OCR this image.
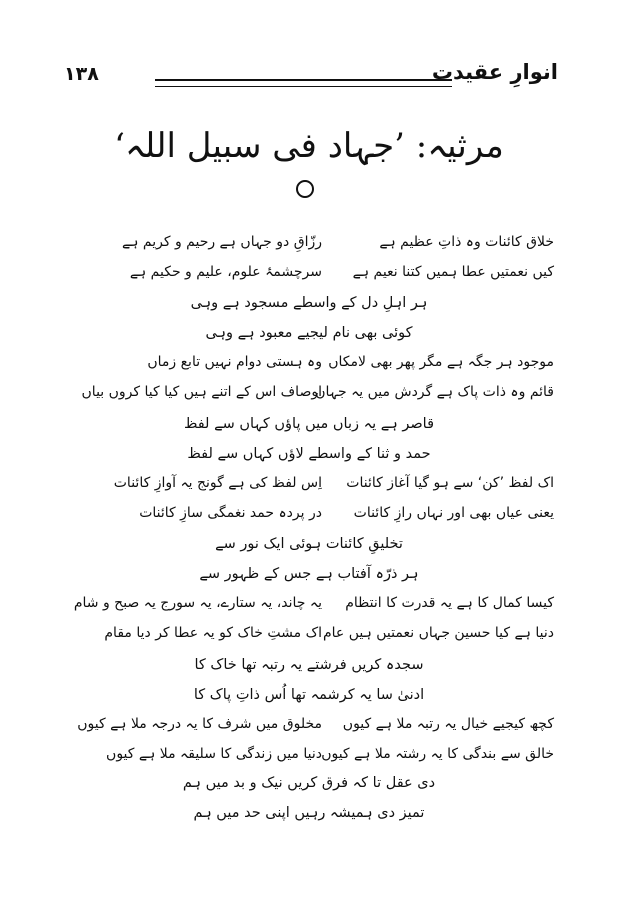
۱۳۸	انوارِ عقیدت
مرثیہ: ’جہاد فی سبیل اللہ‘
خلاق کائنات وہ ذاتِ عظیم ہے
رزّاقِ دو جہاں ہے رحیم و کریم ہے
کیں نعمتیں عطا ہمیں کتنا نعیم ہے
سرچشمۂ علوم، علیم و حکیم ہے
ہر اہلِ دل کے واسطے مسجود ہے وہی
کوئی بھی نام لیجیے معبود ہے وہی
موجود ہر جگہ ہے مگر پھر بھی لامکاں
وہ ہستی دوام نہیں تابع زماں
قائم وہ ذات پاک ہے گردش میں یہ جہاں
اوصاف اس کے اتنے ہیں کیا کیا کروں بیاں
قاصر ہے یہ زباں میں پاؤں کہاں سے لفظ
حمد و ثنا کے واسطے لاؤں کہاں سے لفظ
اک لفظ ’کن‘ سے ہو گیا آغاز کائنات
اِس لفظ کی ہے گونج یہ آوازِ کائنات
یعنی عیاں بھی اور نہاں رازِ کائنات
در پردہ حمد نغمگی سازِ کائنات
تخلیقِ کائنات ہوئی ایک نور سے
ہر ذرّہ آفتاب ہے جس کے ظہور سے
کیسا کمال کا ہے یہ قدرت کا انتظام
یہ چاند، یہ ستارے، یہ سورج یہ صبح و شام
دنیا ہے کیا حسین جہاں نعمتیں ہیں عام
اک مشتِ خاک کو یہ عطا کر دیا مقام
سجدہ کریں فرشتے یہ رتبہ تھا خاک کا
ادنیٰ سا یہ کرشمہ تھا اُس ذاتِ پاک کا
کچھ کیجیے خیال یہ رتبہ ملا ہے کیوں
مخلوق میں شرف کا یہ درجہ ملا ہے کیوں
خالق سے بندگی کا یہ رشتہ ملا ہے کیوں
دنیا میں زندگی کا سلیقہ ملا ہے کیوں
دی عقل تا کہ فرق کریں نیک و بد میں ہم
تمیز دی ہمیشہ رہیں اپنی حد میں ہم
